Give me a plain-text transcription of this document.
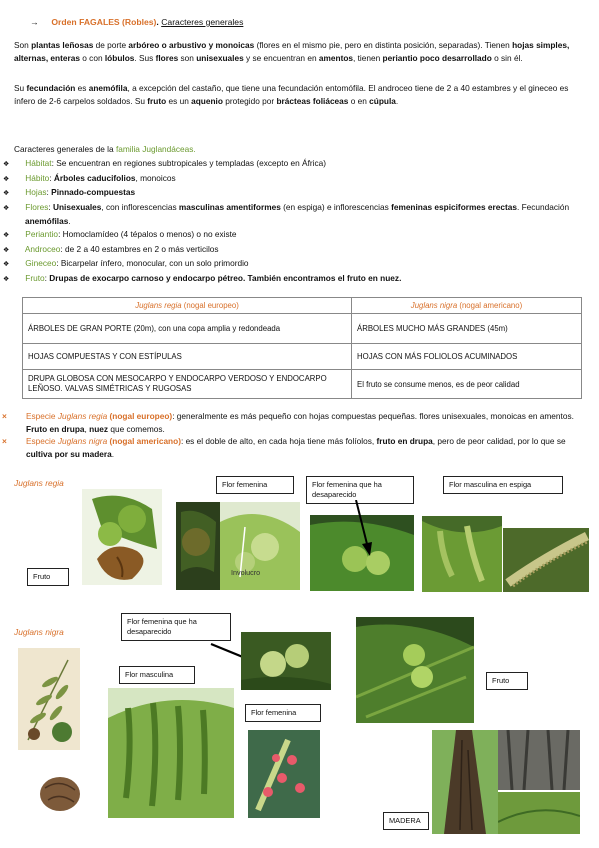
→ Orden FAGALES (Robles). Caracteres generales
Son plantas leñosas de porte arbóreo o arbustivo y monoicas (flores en el mismo pie, pero en distinta posición, separadas). Tienen hojas simples, alternas, enteras o con lóbulos. Sus flores son unisexuales y se encuentran en amentos, tienen periantio poco desarrollado o sin él.
Su fecundación es anemófila, a excepción del castaño, que tiene una fecundación entomófila. El androceo tiene de 2 a 40 estambres y el gineceo es ínfero de 2-6 carpelos soldados. Su fruto es un aquenio protegido por brácteas foliáceas o en cúpula.
Caracteres generales de la familia Juglandáceas.
❖ Hábitat: Se encuentran en regiones subtropicales y templadas (excepto en África)
❖ Hábito: Árboles caducifolios, monoicos
❖ Hojas: Pinnado-compuestas
❖ Flores: Unisexuales, con inflorescencias masculinas amentiformes (en espiga) e inflorescencias femeninas espiciformes erectas. Fecundación anemófilas.
❖ Periantio: Homoclamídeo (4 tépalos o menos) o no existe
❖ Androceo: de 2 a 40 estambres en 2 o más verticilos
❖ Gineceo: Bicarpelar ínfero, monocular, con un solo primordio
❖ Fruto: Drupas de exocarpo carnoso y endocarpo pétreo. También encontramos el fruto en nuez.
Juglans regia (nogal europeo)	Juglans nigra (nogal americano)
ÁRBOLES DE GRAN PORTE (20m), con una copa amplia y redondeada	ÁRBOLES MUCHO MÁS GRANDES (45m)
HOJAS COMPUESTAS Y CON ESTÍPULAS	HOJAS CON MÁS FOLIOLOS ACUMINADOS
DRUPA GLOBOSA CON MESOCARPO Y ENDOCARPO VERDOSO Y ENDOCARPO LEÑOSO. VALVAS SIMÉTRICAS Y RUGOSAS	El fruto se consume menos, es de peor calidad
× Especie Juglans regia (nogal europeo): generalmente es más pequeño con hojas compuestas pequeñas. flores unisexuales, monoicas en amentos. Fruto en drupa, nuez que comemos.
× Especie Juglans nigra (nogal americano): es el doble de alto, en cada hoja tiene más folíolos, fruto en drupa, pero de peor calidad, por lo que se cultiva por su madera.
Juglans regia
Fruto	Involucro
Flor femenina	Flor femenina que ha desaparecido
Flor masculina en espiga
Juglans nigra
Flor femenina que ha desaparecido
Flor masculina
Flor femenina
Fruto
MADERA
